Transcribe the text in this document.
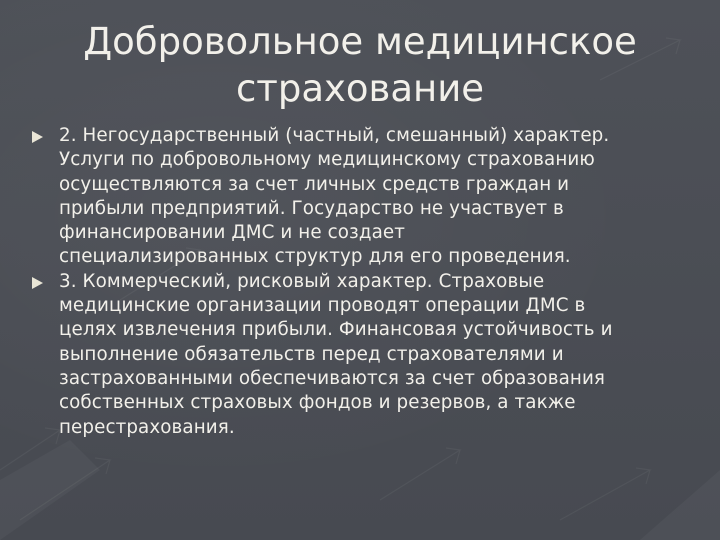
Добровольное медицинское
страхование
2. Негосударственный (частный, смешанный) характер.
Услуги по добровольному медицинскому страхованию
осуществляются за счет личных средств граждан и
прибыли предприятий. Государство не участвует в
финансировании ДМС и не создает
специализированных структур для его проведения.
3. Коммерческий, рисковый характер. Страховые
медицинские организации проводят операции ДМС в
целях извлечения прибыли. Финансовая устойчивость и
выполнение обязательств перед страхователями и
застрахованными обеспечиваются за счет образования
собственных страховых фондов и резервов, а также
перестрахования.
